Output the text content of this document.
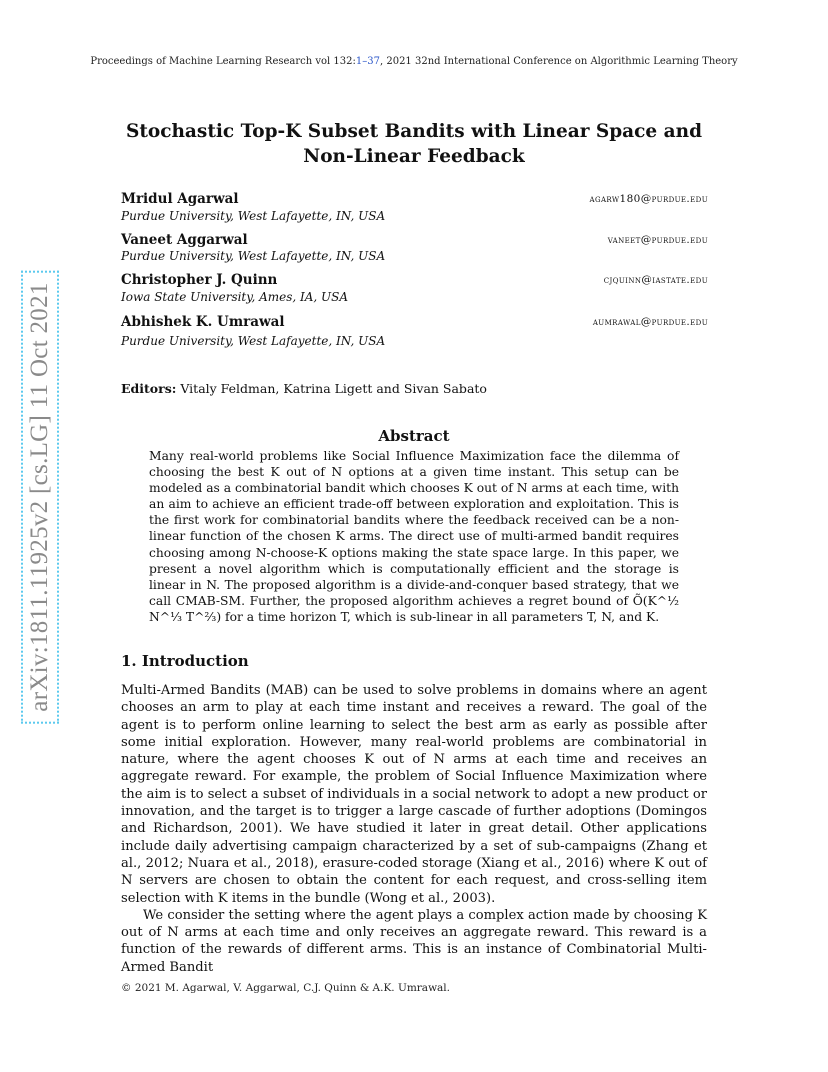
Proceedings of Machine Learning Research vol 132:1–37, 2021 32nd International Conference on Algorithmic Learning Theory
arXiv:1811.11925v2 [cs.LG] 11 Oct 2021
Stochastic Top-K Subset Bandits with Linear Space and
Non-Linear Feedback
Mridul Agarwal
Purdue University, West Lafayette, IN, USA
agarw180@purdue.edu
Vaneet Aggarwal
Purdue University, West Lafayette, IN, USA
vaneet@purdue.edu
Christopher J. Quinn
Iowa State University, Ames, IA, USA
cjquinn@iastate.edu
Abhishek K. Umrawal
Purdue University, West Lafayette, IN, USA
aumrawal@purdue.edu
Editors: Vitaly Feldman, Katrina Ligett and Sivan Sabato
Abstract
Many real-world problems like Social Influence Maximization face the dilemma of choosing the best K out of N options at a given time instant. This setup can be modeled as a combinatorial bandit which chooses K out of N arms at each time, with an aim to achieve an efficient trade-off between exploration and exploitation. This is the first work for combinatorial bandits where the feedback received can be a non-linear function of the chosen K arms. The direct use of multi-armed bandit requires choosing among N-choose-K options making the state space large. In this paper, we present a novel algorithm which is computationally efficient and the storage is linear in N. The proposed algorithm is a divide-and-conquer based strategy, that we call CMAB-SM. Further, the proposed algorithm achieves a regret bound of Õ(K^½ N^⅓ T^⅔) for a time horizon T, which is sub-linear in all parameters T, N, and K.
1. Introduction

Multi-Armed Bandits (MAB) can be used to solve problems in domains where an agent chooses an arm to play at each time instant and receives a reward. The goal of the agent is to perform online learning to select the best arm as early as possible after some initial exploration. However, many real-world problems are combinatorial in nature, where the agent chooses K out of N arms at each time and receives an aggregate reward. For example, the problem of Social Influence Maximization where the aim is to select a subset of individuals in a social network to adopt a new product or innovation, and the target is to trigger a large cascade of further adoptions (Domingos and Richardson, 2001). We have studied it later in great detail. Other applications include daily advertising campaign characterized by a set of sub-campaigns (Zhang et al., 2012; Nuara et al., 2018), erasure-coded storage (Xiang et al., 2016) where K out of N servers are chosen to obtain the content for each request, and cross-selling item selection with K items in the bundle (Wong et al., 2003).

We consider the setting where the agent plays a complex action made by choosing K out of N arms at each time and only receives an aggregate reward. This reward is a function of the rewards of different arms. This is an instance of Combinatorial Multi-Armed Bandit

© 2021 M. Agarwal, V. Aggarwal, C.J. Quinn & A.K. Umrawal.
